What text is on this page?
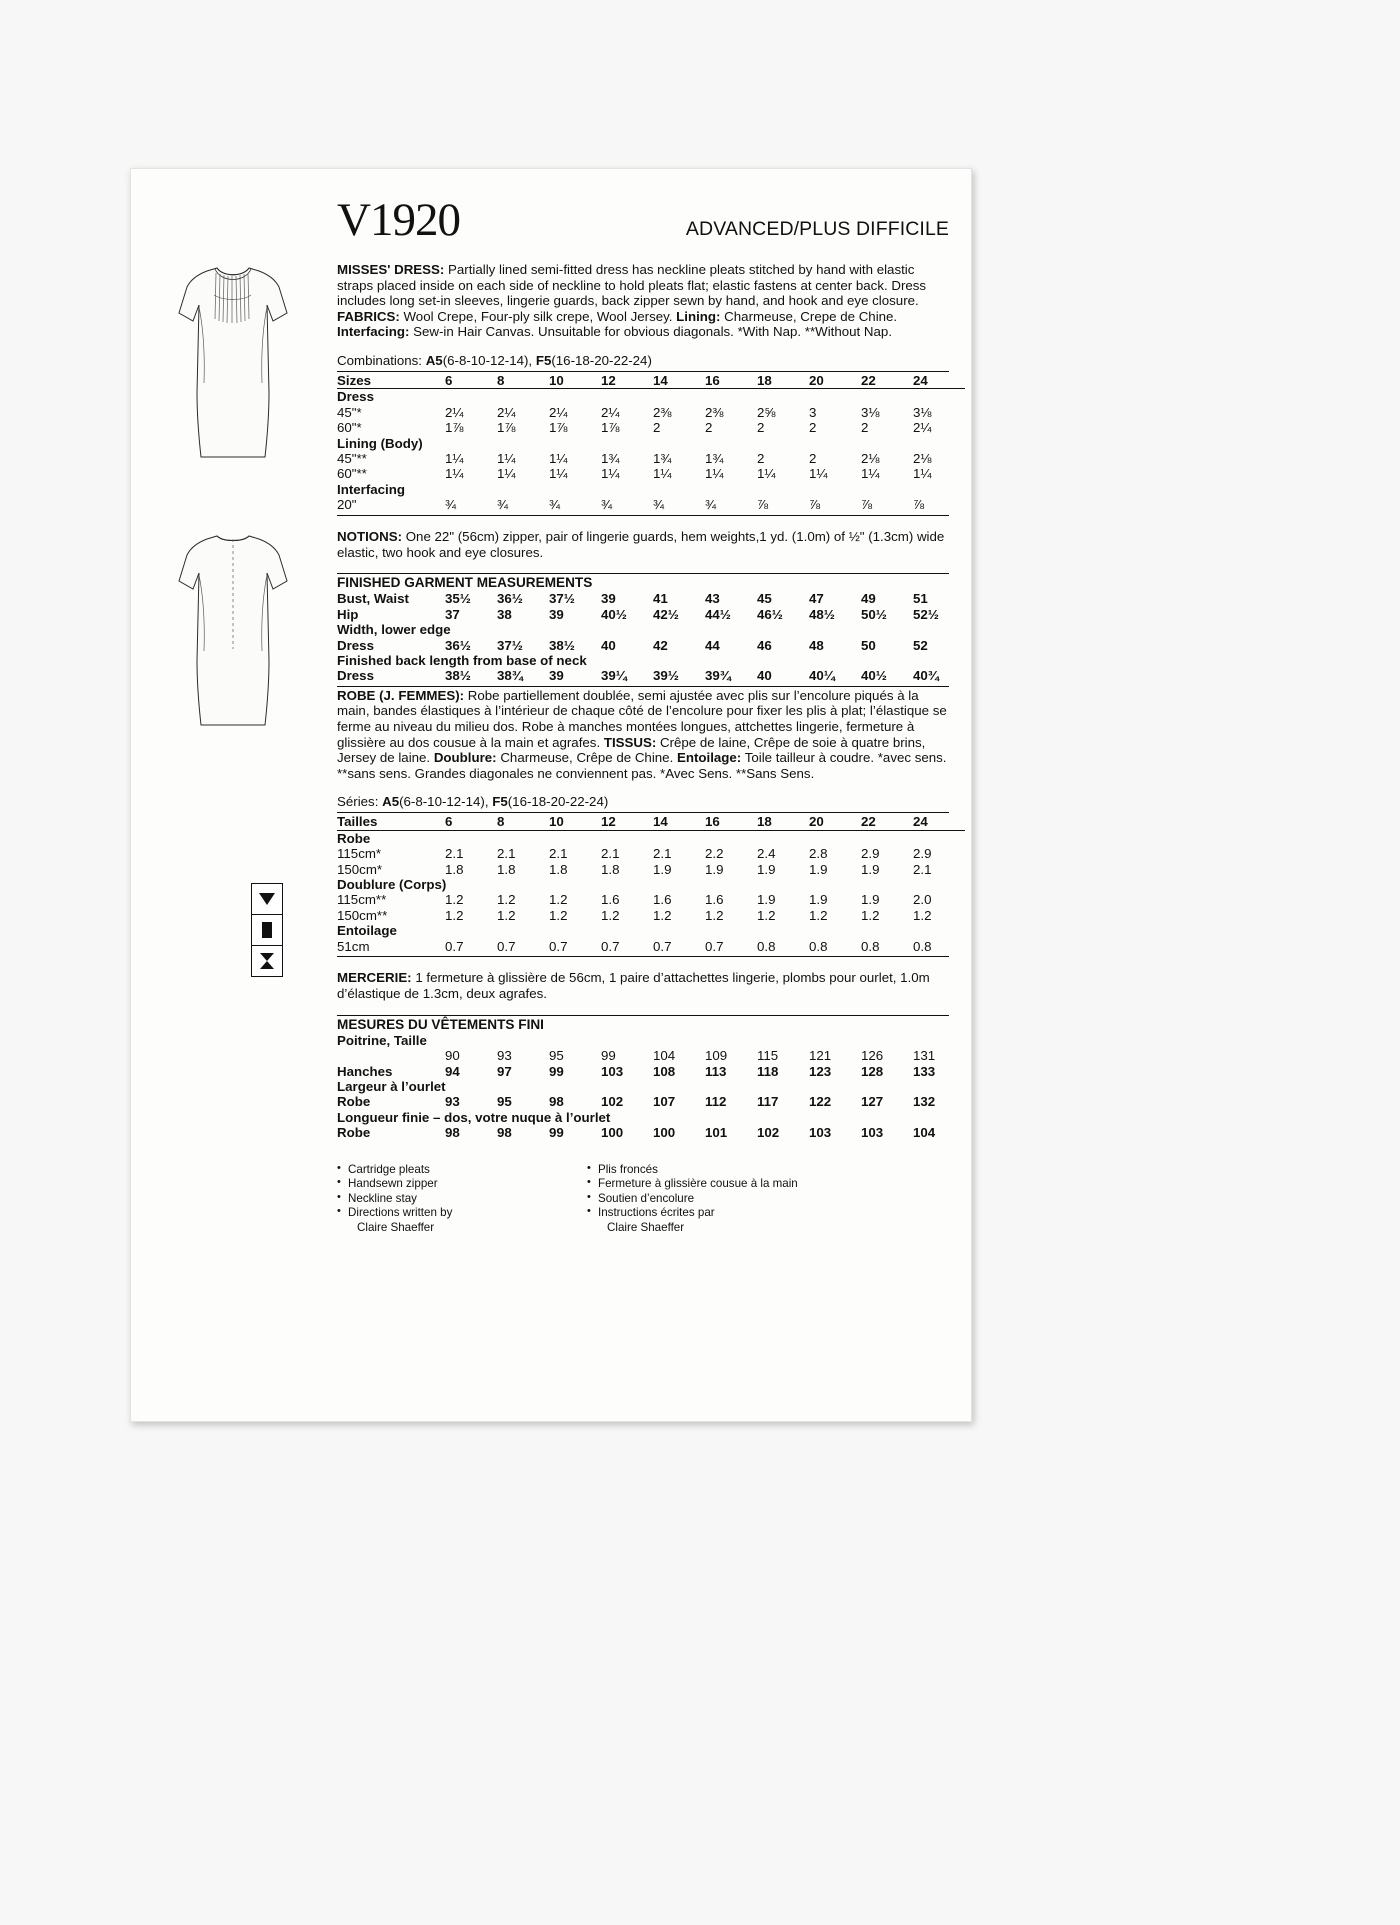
V1920	ADVANCED/PLUS DIFFICILE

MISSES' DRESS: Partially lined semi-fitted dress has neckline pleats stitched by hand with elastic straps placed inside on each side of neckline to hold pleats flat; elastic fastens at center back. Dress includes long set-in sleeves, lingerie guards, back zipper sewn by hand, and hook and eye closure. FABRICS: Wool Crepe, Four-ply silk crepe, Wool Jersey. Lining: Charmeuse, Crepe de Chine. Interfacing: Sew-in Hair Canvas. Unsuitable for obvious diagonals. *With Nap. **Without Nap.

Combinations: A5(6-8-10-12-14), F5(16-18-20-22-24)
Sizes	6	8	10	12	14	16	18	20	22	24
Dress										
45"*	2¼	2¼	2¼	2¼	2⅜	2⅜	2⅝	3	3⅛	3⅛
60"*	1⅞	1⅞	1⅞	1⅞	2	2	2	2	2	2¼
Lining (Body)										
45"**	1¼	1¼	1¼	1¾	1¾	1¾	2	2	2⅛	2⅛
60"**	1¼	1¼	1¼	1¼	1¼	1¼	1¼	1¼	1¼	1¼
Interfacing										
20"	¾	¾	¾	¾	¾	¾	⅞	⅞	⅞	⅞

NOTIONS: One 22" (56cm) zipper, pair of lingerie guards, hem weights,1 yd. (1.0m) of ½" (1.3cm) wide elastic, two hook and eye closures.

FINISHED GARMENT MEASUREMENTS
Bust, Waist	35½	36½	37½	39	41	43	45	47	49	51
Hip	37	38	39	40½	42½	44½	46½	48½	50½	52½
Width, lower edge										
Dress	36½	37½	38½	40	42	44	46	48	50	52
Finished back length from base of neck										
Dress	38½	38¾	39	39¼	39½	39¾	40	40¼	40½	40¾

ROBE (J. FEMMES): Robe partiellement doublée, semi ajustée avec plis sur l’encolure piqués à la main, bandes élastiques à l’intérieur de chaque côté de l’encolure pour fixer les plis à plat; l’élastique se ferme au niveau du milieu dos. Robe à manches montées longues, attchettes lingerie, fermeture à glissière au dos cousue à la main et agrafes. TISSUS: Crêpe de laine, Crêpe de soie à quatre brins, Jersey de laine. Doublure: Charmeuse, Crêpe de Chine. Entoilage: Toile tailleur à coudre. *avec sens. **sans sens. Grandes diagonales ne conviennent pas. *Avec Sens. **Sans Sens.

Séries: A5(6-8-10-12-14), F5(16-18-20-22-24)
Tailles	6	8	10	12	14	16	18	20	22	24
Robe										
115cm*	2.1	2.1	2.1	2.1	2.1	2.2	2.4	2.8	2.9	2.9
150cm*	1.8	1.8	1.8	1.8	1.9	1.9	1.9	1.9	1.9	2.1
Doublure (Corps)										
115cm**	1.2	1.2	1.2	1.6	1.6	1.6	1.9	1.9	1.9	2.0
150cm**	1.2	1.2	1.2	1.2	1.2	1.2	1.2	1.2	1.2	1.2
Entoilage										
51cm	0.7	0.7	0.7	0.7	0.7	0.7	0.8	0.8	0.8	0.8

MERCERIE: 1 fermeture à glissière de 56cm, 1 paire d’attachettes lingerie, plombs pour ourlet, 1.0m d’élastique de 1.3cm, deux agrafes.

MESURES DU VÊTEMENTS FINI
Poitrine, Taille										
	90	93	95	99	104	109	115	121	126	131
Hanches	94	97	99	103	108	113	118	123	128	133
Largeur à l’ourlet										
Robe	93	95	98	102	107	112	117	122	127	132
Longueur finie – dos, votre nuque à l’ourlet										
Robe	98	98	99	100	100	101	102	103	103	104
• Cartridge pleats
• Handsewn zipper
• Neckline stay
• Directions written by
Claire Shaeffer
• Plis froncés
• Fermeture à glissière cousue à la main
• Soutien d’encolure
• Instructions écrites par
Claire Shaeffer
